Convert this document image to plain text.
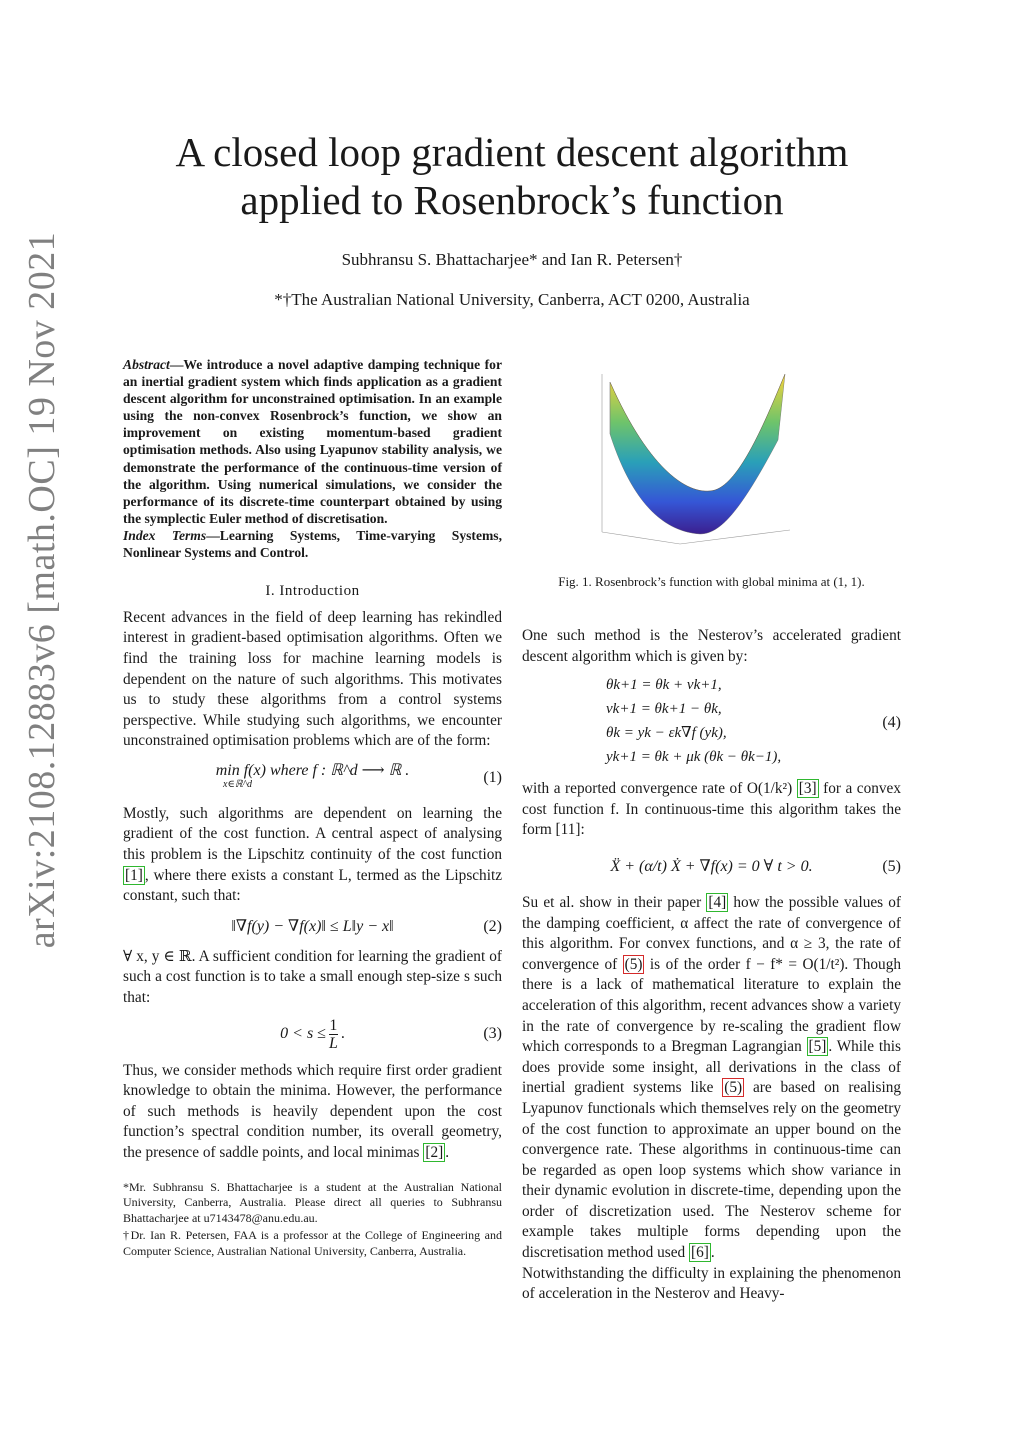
arXiv:2108.12883v6 [math.OC] 19 Nov 2021
A closed loop gradient descent algorithm
applied to Rosenbrock’s function
Subhransu S. Bhattacharjee* and Ian R. Petersen†
*†The Australian National University, Canberra, ACT 0200, Australia
Abstract—We introduce a novel adaptive damping technique for an inertial gradient system which finds application as a gradient descent algorithm for unconstrained optimisation. In an example using the non-convex Rosenbrock’s function, we show an improvement on existing momentum-based gradient optimisation methods. Also using Lyapunov stability analysis, we demonstrate the performance of the continuous-time version of the algorithm. Using numerical simulations, we consider the performance of its discrete-time counterpart obtained by using the symplectic Euler method of discretisation.
Index Terms—Learning Systems, Time-varying Systems, Nonlinear Systems and Control.
I. Introduction

Recent advances in the field of deep learning has rekindled interest in gradient-based optimisation algorithms. Often we find the training loss for machine learning models is dependent on the nature of such algorithms. This motivates us to study these algorithms from a control systems perspective. While studying such algorithms, we encounter unconstrained optimisation problems which are of the form:

min f(x) where f : ℝ^d ⟶ ℝ .
x∈ℝ^d	(1)

Mostly, such algorithms are dependent on learning the gradient of the cost function. A central aspect of analysing this problem is the Lipschitz continuity of the cost function [1] , where there exists a constant L, termed as the Lipschitz constant, such that:

‖∇f(y) − ∇f(x)‖ ≤ L‖y − x‖	(2)

∀ x, y ∈ ℝ. A sufficient condition for learning the gradient of such a cost function is to take a small enough step-size s such that:

$0 < s \le \frac{1}{L}$ .	(3)

Thus, we consider methods which require first order gradient knowledge to obtain the minima. However, the performance of such methods is heavily dependent upon the cost function’s spectral condition number, its overall geometry, the presence of saddle points, and local minimas [2] .

*Mr. Subhransu S. Bhattacharjee is a student at the Australian National University, Canberra, Australia. Please direct all queries to Subhransu Bhattacharjee at u7143478@anu.edu.au.

†Dr. Ian R. Petersen, FAA is a professor at the College of Engineering and Computer Science, Australian National University, Canberra, Australia.

Fig. 1. Rosenbrock’s function with global minima at (1, 1).

One such method is the Nesterov’s accelerated gradient descent algorithm which is given by:

θk+1 = θk + vk+1,
vk+1 = θk+1 − θk,
θk = yk − εk∇f (yk),
yk+1 = θk + μk (θk − θk−1),
(4)

with a reported convergence rate of O(1/k²) [3] for a convex cost function f. In continuous-time this algorithm takes the form [11]:

Ẍ + (α/t) Ẋ + ∇f(x) = 0 ∀ t > 0.	(5)

Su et al. show in their paper [4] how the possible values of the damping coefficient, α affect the rate of convergence of this algorithm. For convex functions, and α ≥ 3, the rate of convergence of (5) is of the order f − f* = O(1/t²). Though there is a lack of mathematical literature to explain the acceleration of this algorithm, recent advances show a variety in the rate of convergence by re-scaling the gradient flow which corresponds to a Bregman Lagrangian [5] . While this does provide some insight, all derivations in the class of inertial gradient systems like (5) are based on realising Lyapunov functionals which themselves rely on the geometry of the cost function to approximate an upper bound on the convergence rate. These algorithms in continuous-time can be regarded as open loop systems which show variance in their dynamic evolution in discrete-time, depending upon the order of discretization used. The Nesterov scheme for example takes multiple forms depending upon the discretisation method used [6] .

Notwithstanding the difficulty in explaining the phenomenon of acceleration in the Nesterov and Heavy-
